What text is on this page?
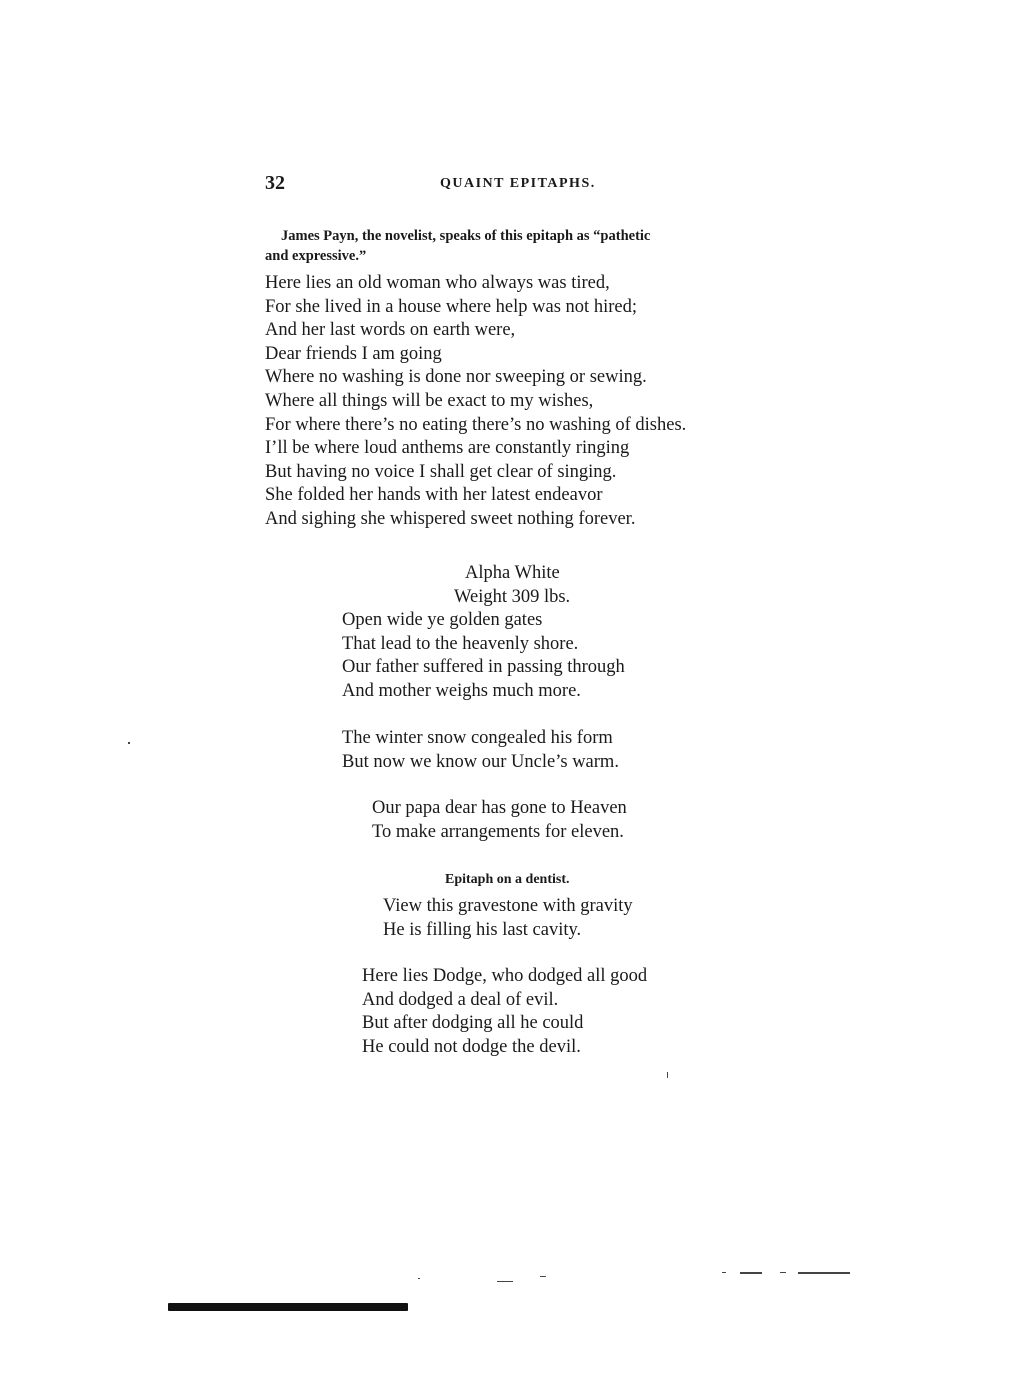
32	QUAINT EPITAPHS.

James Payn, the novelist, speaks of this epitaph as “pathetic
and expressive.”

Here lies an old woman who always was tired,
For she lived in a house where help was not hired;
And her last words on earth were,
Dear friends I am going
Where no washing is done nor sweeping or sewing.
Where all things will be exact to my wishes,
For where there’s no eating there’s no washing of dishes.
I’ll be where loud anthems are constantly ringing
But having no voice I shall get clear of singing.
She folded her hands with her latest endeavor
And sighing she whispered sweet nothing forever.
Alpha White
Weight 309 lbs.
Open wide ye golden gates
That lead to the heavenly shore.
Our father suffered in passing through
And mother weighs much more.
The winter snow congealed his form
But now we know our Uncle’s warm.
Our papa dear has gone to Heaven
To make arrangements for eleven.

Epitaph on a dentist.

View this gravestone with gravity
He is filling his last cavity.
Here lies Dodge, who dodged all good
And dodged a deal of evil.
But after dodging all he could
He could not dodge the devil.
